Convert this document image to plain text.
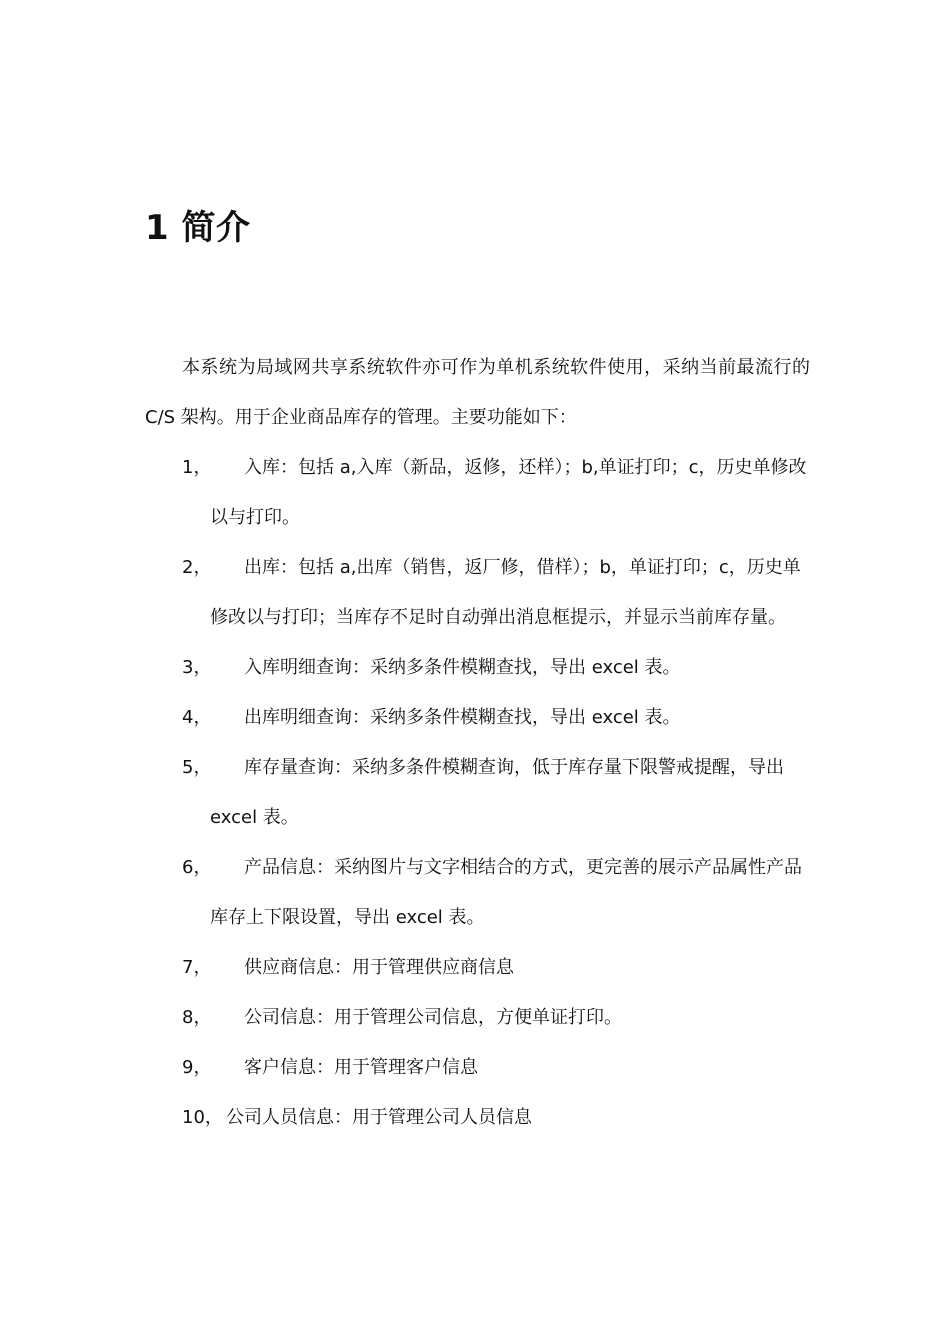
1 简介

本系统为局域网共享系统软件亦可作为单机系统软件使用，采纳当前最流行的 C/S 架构。用于企业商品库存的管理。主要功能如下：

1，	入库：包括 a,入库（新品，返修，还样）；b,单证打印；c，历史单修改以与打印。
2，	出库：包括 a,出库（销售，返厂修，借样）；b，单证打印；c，历史单修改以与打印；当库存不足时自动弹出消息框提示，并显示当前库存量。
3，	入库明细查询：采纳多条件模糊查找，导出 excel 表。
4，	出库明细查询：采纳多条件模糊查找，导出 excel 表。
5，	库存量查询：采纳多条件模糊查询，低于库存量下限警戒提醒，导出 excel 表。
6，	产品信息：采纳图片与文字相结合的方式，更完善的展示产品属性产品库存上下限设置，导出 excel 表。
7，	供应商信息：用于管理供应商信息
8，	公司信息：用于管理公司信息，方便单证打印。
9，	客户信息：用于管理客户信息
10， 公司人员信息：用于管理公司人员信息
